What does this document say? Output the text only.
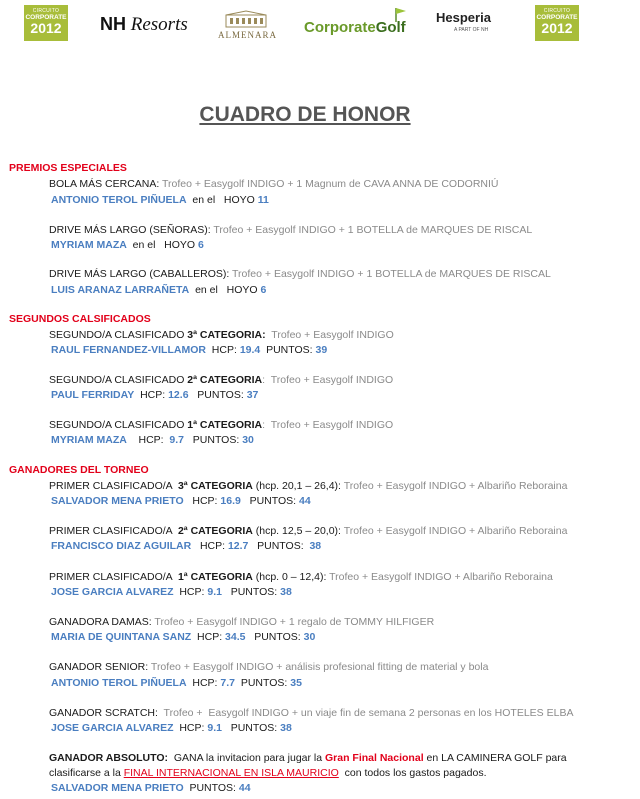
CIRCUITO
CORPORATE
2012	NH Resorts	ALMENARA CorporateGolf
Hesperia
A PART OF NH
CIRCUITO
CORPORATE
2012
CUADRO DE HONOR
PREMIOS ESPECIALES
BOLA MÁS CERCANA: Trofeo + Easygolf INDIGO + 1 Magnum de CAVA ANNA DE CODORNIÚ
ANTONIO TEROL PIÑUELA  en el   HOYO 11
DRIVE MÁS LARGO (SEÑORAS): Trofeo + Easygolf INDIGO + 1 BOTELLA de MARQUES DE RISCAL
MYRIAM MAZA  en el   HOYO 6
DRIVE MÁS LARGO (CABALLEROS): Trofeo + Easygolf INDIGO + 1 BOTELLA de MARQUES DE RISCAL
LUIS ARANAZ LARRAÑETA  en el   HOYO 6
SEGUNDOS CALSIFICADOS
SEGUNDO/A CLASIFICADO 3ª CATEGORIA:  Trofeo + Easygolf INDIGO
RAUL FERNANDEZ-VILLAMOR  HCP: 19.4  PUNTOS: 39
SEGUNDO/A CLASIFICADO 2ª CATEGORIA:  Trofeo + Easygolf INDIGO
PAUL FERRIDAY  HCP: 12.6   PUNTOS: 37
SEGUNDO/A CLASIFICADO 1ª CATEGORIA:  Trofeo + Easygolf INDIGO
MYRIAM MAZA    HCP:  9.7   PUNTOS: 30
GANADORES DEL TORNEO
PRIMER CLASIFICADO/A  3ª CATEGORIA (hcp. 20,1 – 26,4): Trofeo + Easygolf INDIGO + Albariño Reboraina
SALVADOR MENA PRIETO   HCP: 16.9   PUNTOS: 44
PRIMER CLASIFICADO/A  2ª CATEGORIA (hcp. 12,5 – 20,0): Trofeo + Easygolf INDIGO + Albariño Reboraina
FRANCISCO DIAZ AGUILAR   HCP: 12.7   PUNTOS:  38
PRIMER CLASIFICADO/A  1ª CATEGORIA (hcp. 0 – 12,4): Trofeo + Easygolf INDIGO + Albariño Reboraina
JOSE GARCIA ALVAREZ  HCP: 9.1   PUNTOS: 38
GANADORA DAMAS: Trofeo + Easygolf INDIGO + 1 regalo de TOMMY HILFIGER
MARIA DE QUINTANA SANZ  HCP: 34.5   PUNTOS: 30
GANADOR SENIOR: Trofeo + Easygolf INDIGO + análisis profesional fitting de material y bola
ANTONIO TEROL PIÑUELA  HCP: 7.7  PUNTOS: 35
GANADOR SCRATCH:  Trofeo +  Easygolf INDIGO + un viaje fin de semana 2 personas en los HOTELES ELBA
JOSE GARCIA ALVAREZ  HCP: 9.1   PUNTOS: 38
GANADOR ABSOLUTO:  GANA la invitacion para jugar la Gran Final Nacional en LA CAMINERA GOLF para
clasificarse a la FINAL INTERNACIONAL EN ISLA MAURICIO  con todos los gastos pagados.
SALVADOR MENA PRIETO  PUNTOS: 44
